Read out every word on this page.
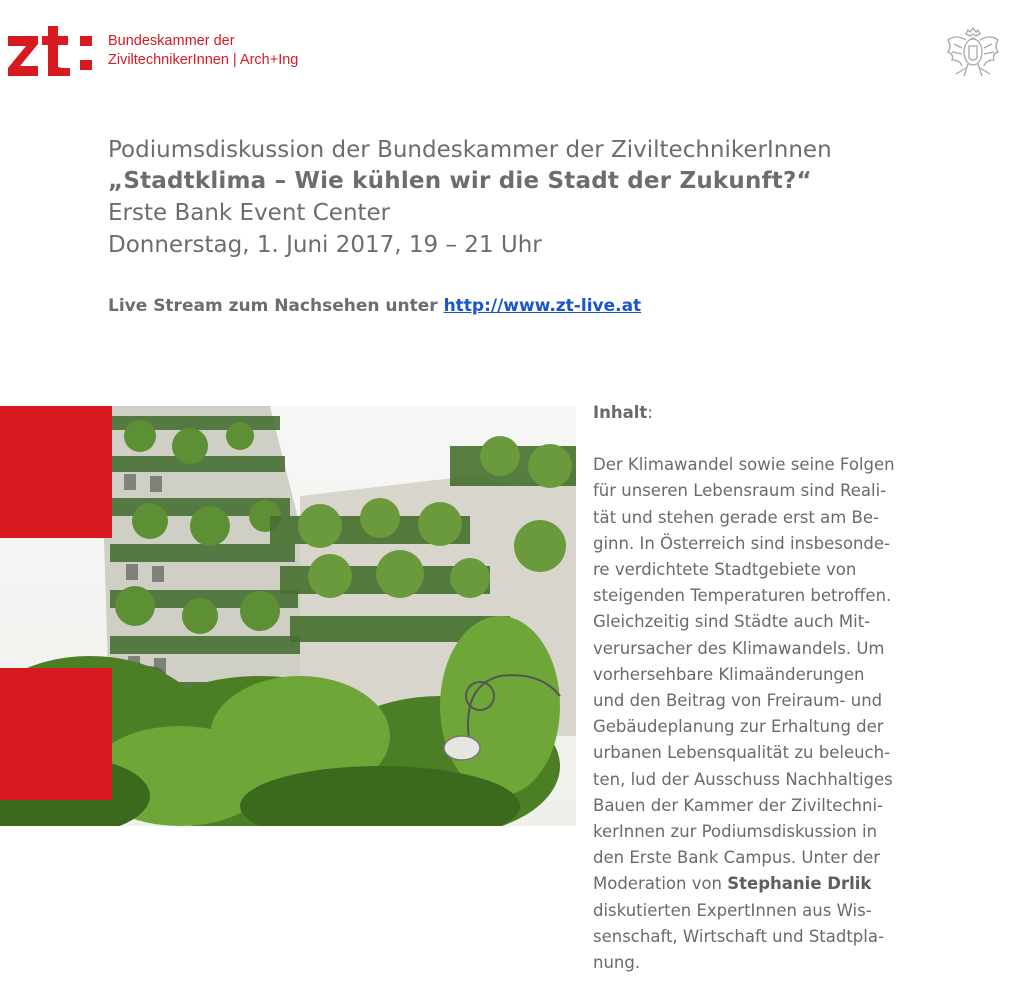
Bundeskammer der
ZiviltechnikerInnen | Arch+Ing
Podiumsdiskussion der Bundeskammer der ZiviltechnikerInnen
„Stadtklima – Wie kühlen wir die Stadt der Zukunft?“
Erste Bank Event Center
Donnerstag, 1. Juni 2017, 19 – 21 Uhr
Live Stream zum Nachsehen unter http://www.zt-live.at
Inhalt:
Der Klimawandel sowie seine Folgen
für unseren Lebensraum sind Reali-
tät und stehen gerade erst am Be-
ginn. In Österreich sind insbesonde-
re verdichtete Stadtgebiete von
steigenden Temperaturen betroffen.
Gleichzeitig sind Städte auch Mit-
verursacher des Klimawandels. Um
vorhersehbare Klimaänderungen
und den Beitrag von Freiraum- und
Gebäudeplanung zur Erhaltung der
urbanen Lebensqualität zu beleuch-
ten, lud der Ausschuss Nachhaltiges
Bauen der Kammer der Ziviltechni-
kerInnen zur Podiumsdiskussion in
den Erste Bank Campus. Unter der
Moderation von Stephanie Drlik
diskutierten ExpertInnen aus Wis-
senschaft, Wirtschaft und Stadtpla-
nung.
